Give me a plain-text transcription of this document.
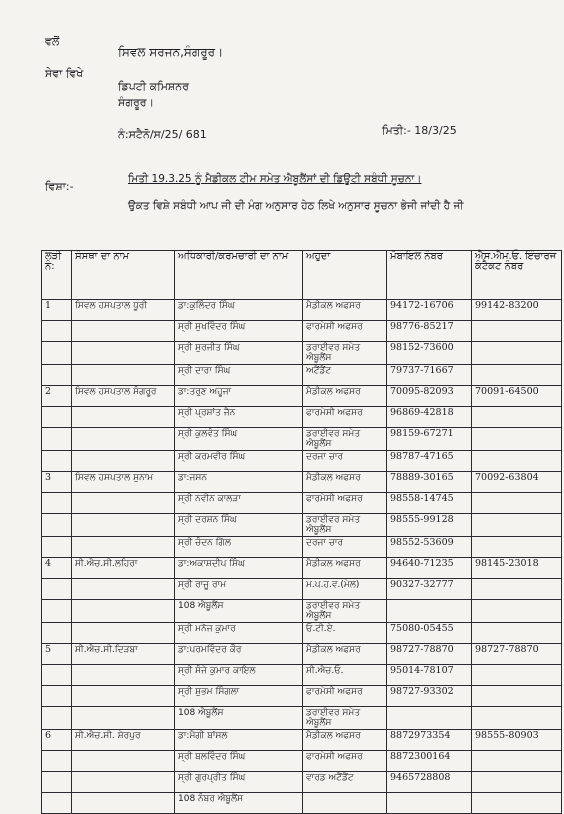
ਵਲੋਂ
ਸਿਵਲ ਸਰਜਨ,ਸੰਗਰੂਰ।
ਸੇਵਾ ਵਿਖੇ
ਡਿਪਟੀ ਕਮਿਸ਼ਨਰ
ਸੰਗਰੂਰ।
ਨੰ:ਸਟੈਨੋ/ਸ/25/ 681	ਮਿਤੀ:- 18/3/25
ਵਿਸ਼ਾ:-
ਮਿਤੀ 19.3.25 ਨੂੰ ਮੈਡੀਕਲ ਟੀਮ ਸਮੇਤ ਐਬੂਲੈਂਸਾਂ ਦੀ ਡਿਊਟੀ ਸਬੰਧੀ ਸੂਚਨਾ।
ਉਕਤ ਵਿਸ਼ੇ ਸਬੰਧੀ ਆਪ ਜੀ ਦੀ ਮੰਗ ਅਨੁਸਾਰ ਹੇਠ ਲਿਖੇ ਅਨੁਸਾਰ ਸੂਚਨਾ ਭੇਜੀ ਜਾਂਦੀ ਹੈ ਜੀ
ਲੜੀ ਨੰ:	ਸੰਸਥਾ ਦਾ ਨਾਮ	ਅਧਿਕਾਰੀ/ਕਰਮਚਾਰੀ ਦਾ ਨਾਮ	ਅਹੁਦਾ	ਮੋਬਾਇਲ ਨੰਬਰ	ਐਸ.ਐਮ.ਓ. ਇੰਚਾਰਜ ਕੰਟੈਕਟ ਨੰਬਰ
1	ਸਿਵਲ ਹਸਪਤਾਲ ਧੂਰੀ	ਡਾ:ਕੁਲਿੰਦਰ ਸਿੰਘ	ਮੈਡੀਕਲ ਅਫਸਰ	94172-16706	99142-83200
		ਸ੍ਰੀ ਸੁਖਵਿੰਦਰ ਸਿੰਘ	ਫਾਰਮੇਸੀ ਅਫਸਰ	98776-85217	
		ਸ੍ਰੀ ਸੁਰਜੀਤ ਸਿੰਘ	ਡਰਾਈਵਰ ਸਮੇਤ ਐਬੂਲੈਂਸ	98152-73600	
		ਸ੍ਰੀ ਦਾਰਾ ਸਿੰਘ	ਅਟੈਂਡੈਂਟ	79737-71667	
2	ਸਿਵਲ ਹਸਪਤਾਲ ਸੰਗਰੂਰ	ਡਾ:ਤਰੁਣ ਅਹੂਜਾ	ਮੈਡੀਕਲ ਅਫਸਰ	70095-82093	70091-64500
		ਸ੍ਰੀ ਪ੍ਰਸ਼ਾਂਤ ਜੈਨ	ਫਾਰਮੇਸੀ ਅਫਸਰ	96869-42818	
		ਸ੍ਰੀ ਕੁਲਵੰਤ ਸਿੰਘ	ਡਰਾਈਵਰ ਸਮੇਤ ਐਬੂਲੈਂਸ	98159-67271	
		ਸ੍ਰੀ ਕਰਮਵੀਰ ਸਿੰਘ	ਦਰਜਾ ਚਾਰ	98787-47165	
3	ਸਿਵਲ ਹਸਪਤਾਲ ਸੁਨਾਮ	ਡਾ:ਜਸਨ	ਮੈਡੀਕਲ ਅਫਸਰ	78889-30165	70092-63804
		ਸ੍ਰੀ ਨਵੀਨ ਕਾਲੜਾ	ਫਾਰਮੇਸੀ ਅਫਸਰ	98558-14745	
		ਸ੍ਰੀ ਦਰਸ਼ਨ ਸਿੰਘ	ਡਰਾਈਵਰ ਸਮੇਤ ਐਬੂਲੈਂਸ	98555-99128	
		ਸ੍ਰੀ ਚੰਦਨ ਗਿੱਲ	ਦਰਜਾ ਚਾਰ	98552-53609	
4	ਸੀ.ਐਚ.ਸੀ.ਲਹਿਰਾ	ਡਾ:ਅਕਾਸ਼ਦੀਪ ਸਿੰਘ	ਮੈਡੀਕਲ ਅਫਸਰ	94640-71235	98145-23018
		ਸ੍ਰੀ ਰਾਜੂ ਰਾਮ	ਮ.ਪ.ਹ.ਵ.(ਮੇਲ)	90327-32777	
		108 ਐਬੂਲੈਂਸ	ਡਰਾਈਵਰ ਸਮੇਤ ਐਬੂਲੈਂਸ		
		ਸ੍ਰੀ ਮਨੋਜ ਕੁਮਾਰ	ਓ.ਟੀ.ਏ.	75080-05455	
5	ਸੀ.ਐਚ.ਸੀ.ਦਿੜਬਾ	ਡਾ:ਪਰਮਵਿੰਦਰ ਕੌਰ	ਮੈਡੀਕਲ ਅਫਸਰ	98727-78870	98727-78870
		ਸ੍ਰੀ ਸੰਜੇ ਕੁਮਾਰ ਕਾਇਲ	ਸੀ.ਐਚ.ਓ.	95014-78107	
		ਸ੍ਰੀ ਸ਼ੁਭਮ ਸਿੰਗਲਾ	ਫਾਰਮੇਸੀ ਅਫਸਰ	98727-93302	
		108 ਐਬੂਲੈਂਸ	ਡਰਾਈਵਰ ਸਮੇਤ ਐਬੂਲੈਂਸ		
6	ਸੀ.ਐਚ.ਸੀ. ਸ਼ੇਰਪੁਰ	ਡਾ:ਮੈਗੀ ਬਾਂਸਲ	ਮੈਡੀਕਲ ਅਫਸਰ	8872973354	98555-80903
		ਸ੍ਰੀ ਬਲਵਿੰਦਰ ਸਿੰਘ	ਫਾਰਮੇਸੀ ਅਫਸਰ	8872300164	
		ਸ੍ਰੀ ਗੁਰਪ੍ਰੀਤ ਸਿੰਘ	ਵਾਰਡ ਅਟੈਂਡੈਂਟ	9465728808	
		108 ਨੰਬਰ ਐਬੂਲੈਂਸ			
